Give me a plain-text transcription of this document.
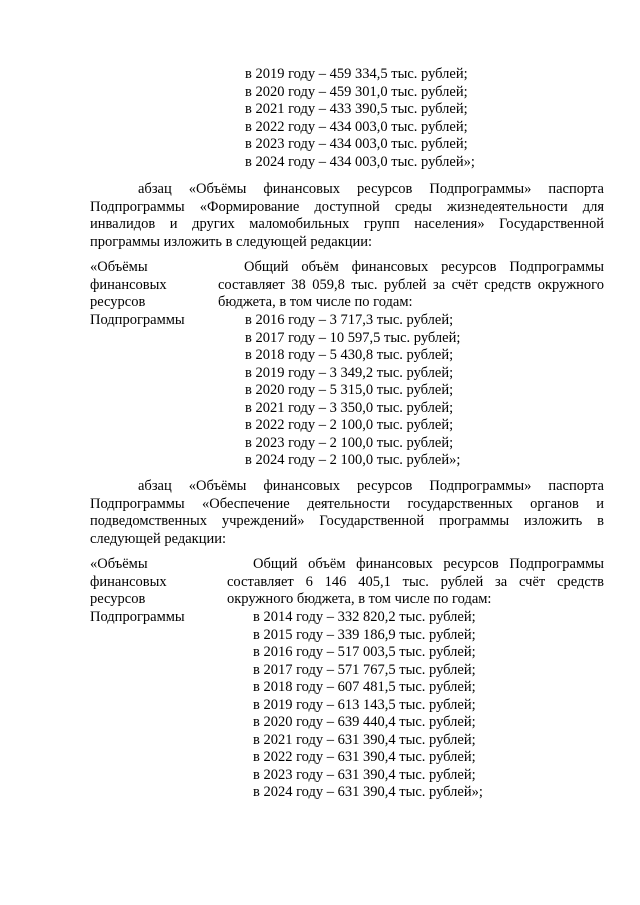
в 2019 году – 459 334,5 тыс. рублей;
в 2020 году – 459 301,0 тыс. рублей;
в 2021 году – 433 390,5 тыс. рублей;
в 2022 году – 434 003,0 тыс. рублей;
в 2023 году – 434 003,0 тыс. рублей;
в 2024 году – 434 003,0 тыс. рублей»;

абзац «Объёмы финансовых ресурсов Подпрограммы» паспорта Подпрограммы «Формирование доступной среды жизнедеятельности для инвалидов и других маломобильных групп населения» Государственной программы изложить в следующей редакции:

«Объёмы
финансовых
ресурсов
Подпрограммы

Общий объём финансовых ресурсов Подпрограммы составляет 38 059,8 тыс. рублей за счёт средств окружного бюджета, в том числе по годам:

в 2016 году – 3 717,3 тыс. рублей;
в 2017 году – 10 597,5 тыс. рублей;
в 2018 году – 5 430,8 тыс. рублей;
в 2019 году – 3 349,2 тыс. рублей;
в 2020 году – 5 315,0 тыс. рублей;
в 2021 году – 3 350,0 тыс. рублей;
в 2022 году – 2 100,0 тыс. рублей;
в 2023 году – 2 100,0 тыс. рублей;
в 2024 году – 2 100,0 тыс. рублей»;

абзац «Объёмы финансовых ресурсов Подпрограммы» паспорта Подпрограммы «Обеспечение деятельности государственных органов и подведомственных учреждений» Государственной программы изложить в следующей редакции:

«Объёмы
финансовых
ресурсов
Подпрограммы

Общий объём финансовых ресурсов Подпрограммы составляет 6 146 405,1 тыс. рублей за счёт средств окружного бюджета, в том числе по годам:

в 2014 году – 332 820,2 тыс. рублей;
в 2015 году – 339 186,9 тыс. рублей;
в 2016 году – 517 003,5 тыс. рублей;
в 2017 году – 571 767,5 тыс. рублей;
в 2018 году – 607 481,5 тыс. рублей;
в 2019 году – 613 143,5 тыс. рублей;
в 2020 году – 639 440,4 тыс. рублей;
в 2021 году – 631 390,4 тыс. рублей;
в 2022 году – 631 390,4 тыс. рублей;
в 2023 году – 631 390,4 тыс. рублей;
в 2024 году – 631 390,4 тыс. рублей»;
